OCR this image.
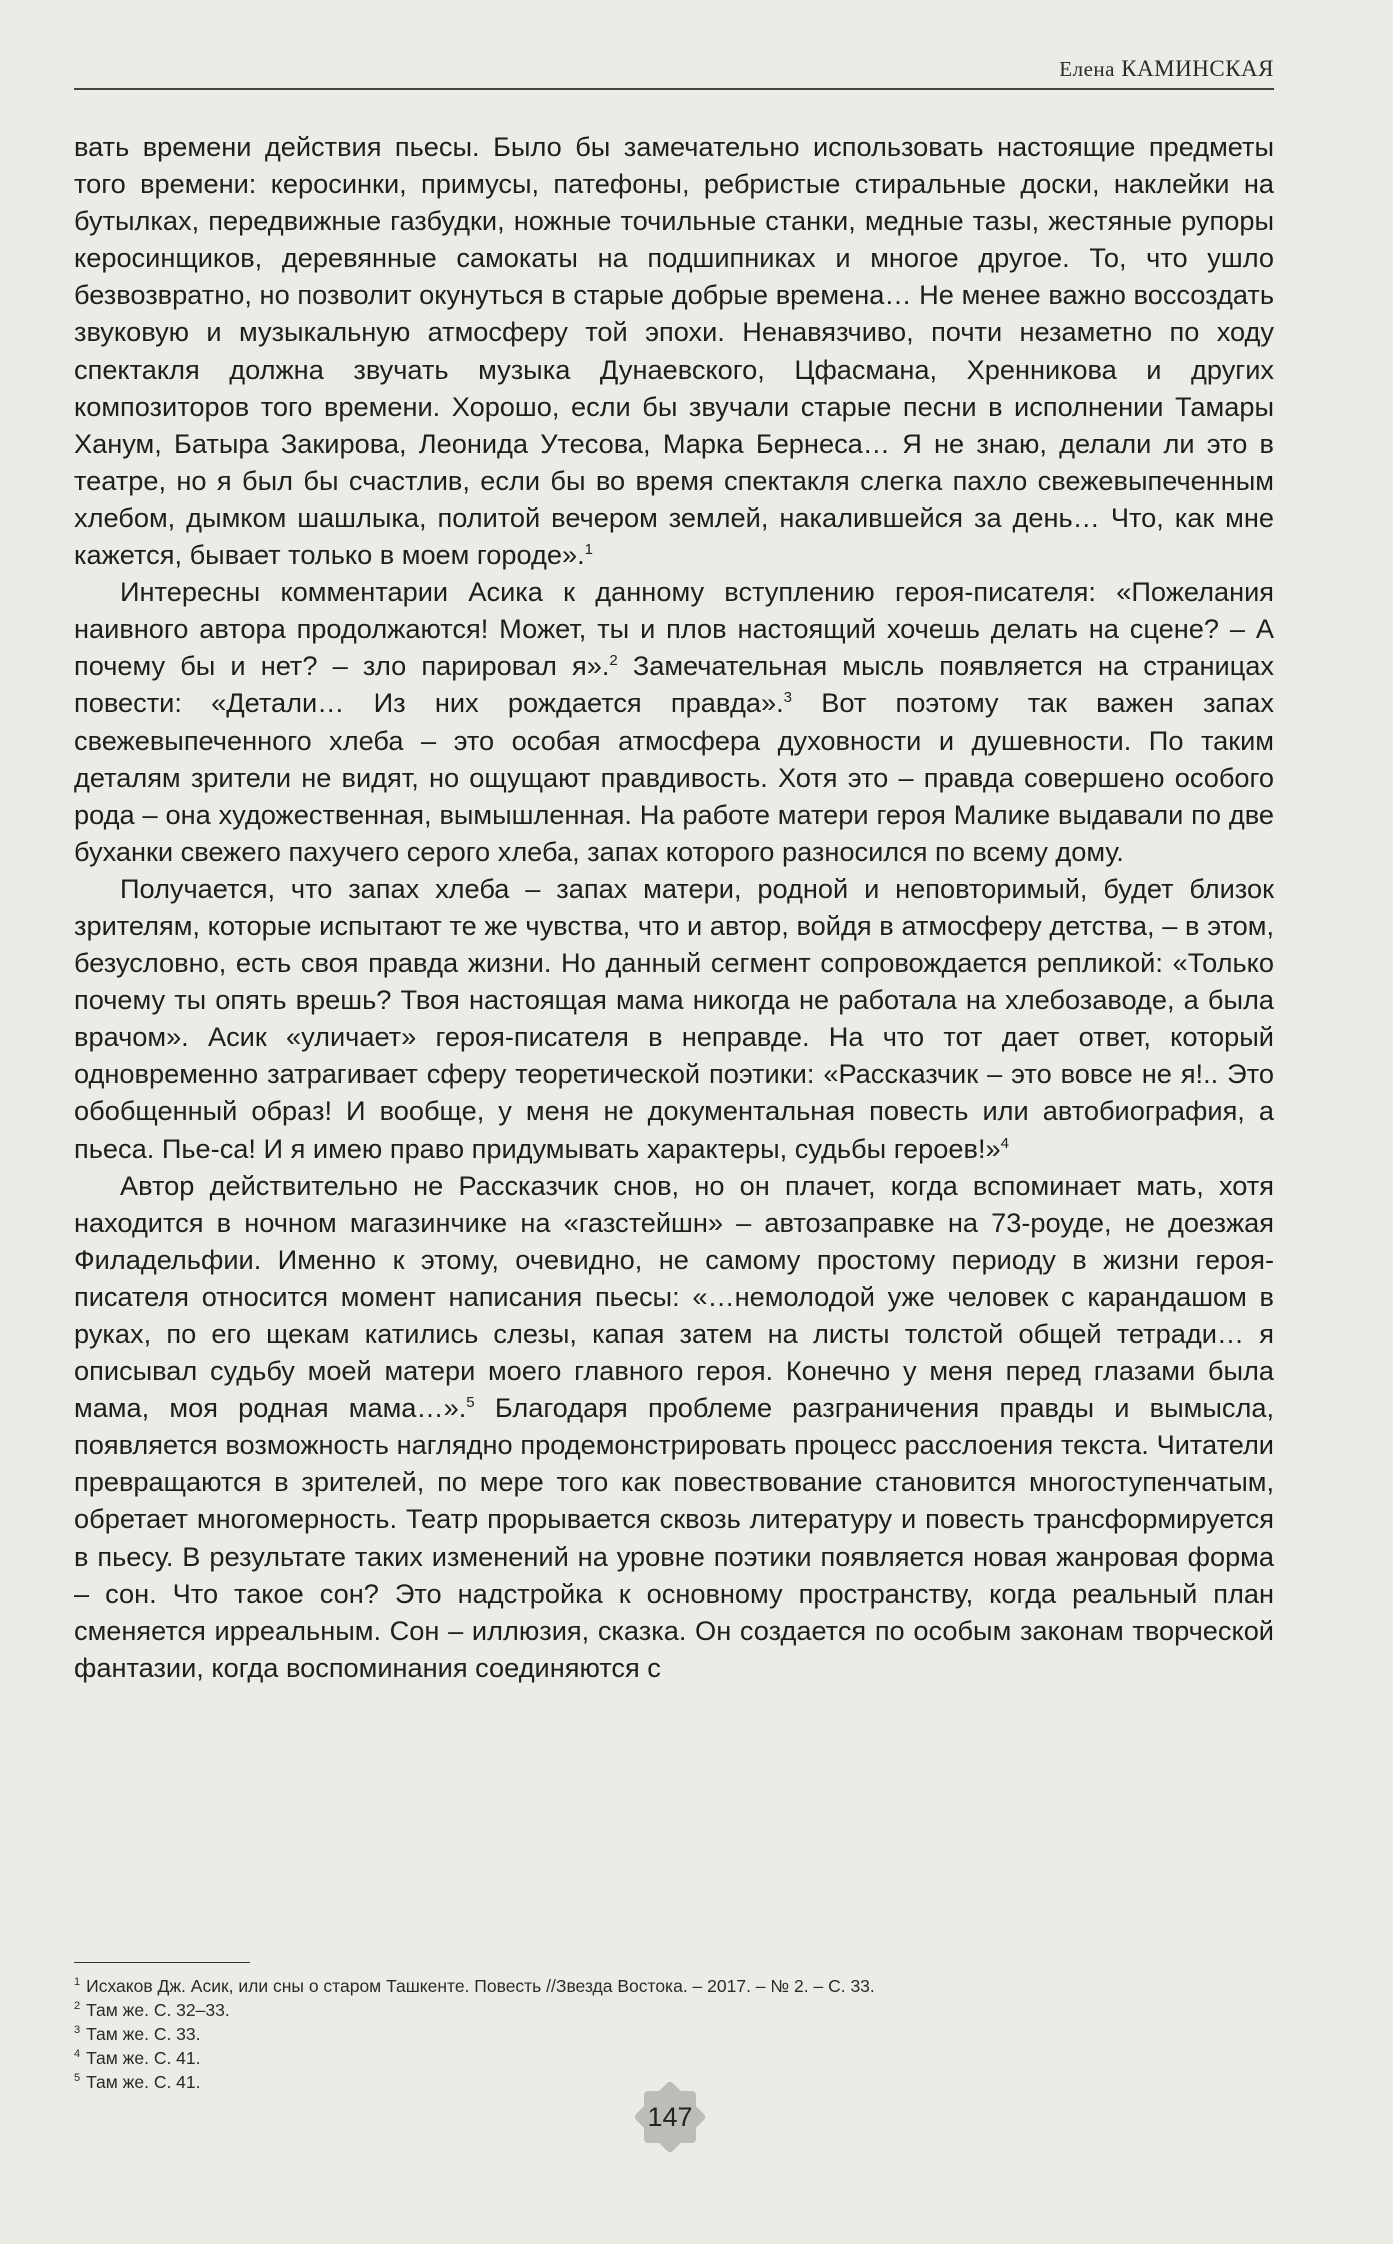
Елена КАМИНСКАЯ

вать времени действия пьесы. Было бы замечательно использовать настоящие предметы того времени: керосинки, примусы, патефоны, ребристые стиральные доски, наклейки на бутылках, передвижные газбудки, ножные точильные станки, медные тазы, жестяные рупоры керосинщиков, деревянные самокаты на подшипниках и многое другое. То, что ушло безвозвратно, но позволит окунуться в старые добрые времена… Не менее важно воссоздать звуковую и музыкальную атмосферу той эпохи. Ненавязчиво, почти незаметно по ходу спектакля должна звучать музыка Дунаевского, Цфасмана, Хренникова и других композиторов того времени. Хорошо, если бы звучали старые песни в исполнении Тамары Ханум, Батыра Закирова, Леонида Утесова, Марка Бернеса… Я не знаю, делали ли это в театре, но я был бы счастлив, если бы во время спектакля слегка пахло свежевыпеченным хлебом, дымком шашлыка, политой вечером землей, накалившейся за день… Что, как мне кажется, бывает только в моем городе».$^1$

Интересны комментарии Асика к данному вступлению героя-писателя: «Пожелания наивного автора продолжаются! Может, ты и плов настоящий хочешь делать на сцене? – А почему бы и нет? – зло парировал я».$^2$ Замечательная мысль появляется на страницах повести: «Детали… Из них рождается правда».$^3$ Вот поэтому так важен запах свежевыпеченного хлеба – это особая атмосфера духовности и душевности. По таким деталям зрители не видят, но ощущают правдивость. Хотя это – правда совершено особого рода – она художественная, вымышленная. На работе матери героя Малике выдавали по две буханки свежего пахучего серого хлеба, запах которого разносился по всему дому.

Получается, что запах хлеба – запах матери, родной и неповторимый, будет близок зрителям, которые испытают те же чувства, что и автор, войдя в атмосферу детства, – в этом, безусловно, есть своя правда жизни. Но данный сегмент сопровождается репликой: «Только почему ты опять врешь? Твоя настоящая мама никогда не работала на хлебозаводе, а была врачом». Асик «уличает» героя-писателя в неправде. На что тот дает ответ, который одновременно затрагивает сферу теоретической поэтики: «Рассказчик – это вовсе не я!.. Это обобщенный образ! И вообще, у меня не документальная повесть или автобиография, а пьеса. Пье-са! И я имею право придумывать характеры, судьбы героев!»$^4$

Автор действительно не Рассказчик снов, но он плачет, когда вспоминает мать, хотя находится в ночном магазинчике на «газстейшн» – автозаправке на 73-роуде, не доезжая Филадельфии. Именно к этому, очевидно, не самому простому периоду в жизни героя-писателя относится момент написания пьесы: «…немолодой уже человек с карандашом в руках, по его щекам катились слезы, капая затем на листы толстой общей тетради… я описывал судьбу моей матери моего главного героя. Конечно у меня перед глазами была мама, моя родная мама…».$^5$ Благодаря проблеме разграничения правды и вымысла, появляется возможность наглядно продемонстрировать процесс расслоения текста. Читатели превращаются в зрителей, по мере того как повествование становится многоступенчатым, обретает многомерность. Театр прорывается сквозь литературу и повесть трансформируется в пьесу. В результате таких изменений на уровне поэтики появляется новая жанровая форма – сон. Что такое сон? Это надстройка к основному пространству, когда реальный план сменяется ирреальным. Сон – иллюзия, сказка. Он создается по особым законам творческой фантазии, когда воспоминания соединяются с

$^1$ Исхаков Дж. Асик, или сны о старом Ташкенте. Повесть //Звезда Востока. – 2017. – № 2. – С. 33.

$^2$ Там же. С. 32–33.

$^3$ Там же. С. 33.

$^4$ Там же. С. 41.

$^5$ Там же. С. 41.

147
